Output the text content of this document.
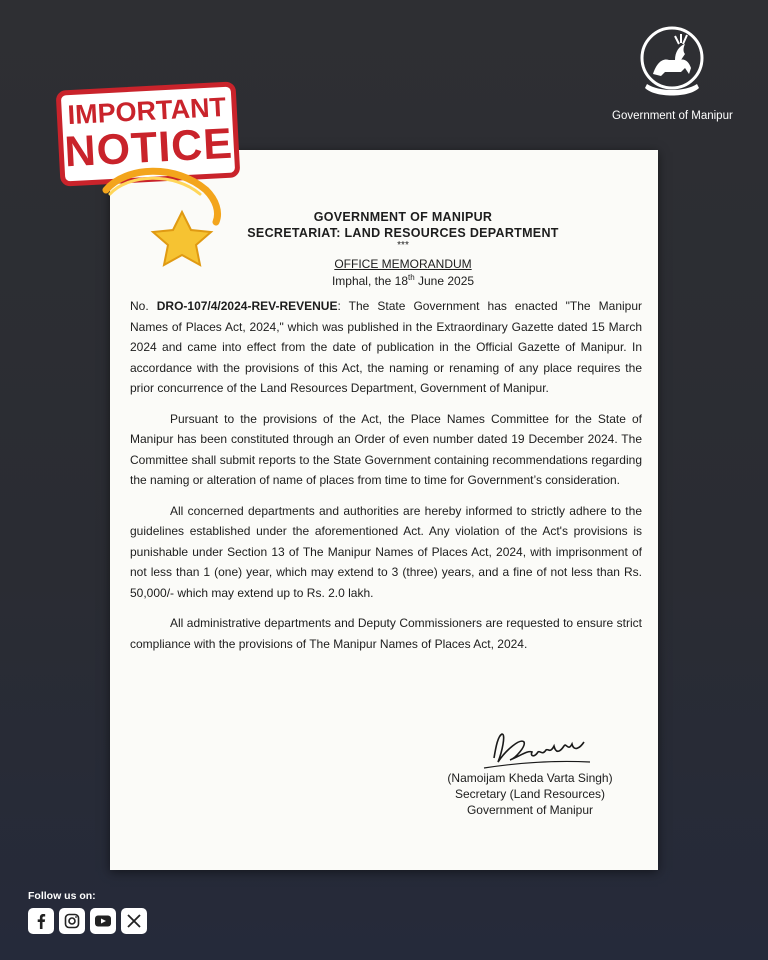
Government of Manipur
GOVERNMENT OF MANIPUR
SECRETARIAT: LAND RESOURCES DEPARTMENT
***
OFFICE MEMORANDUM
Imphal, the 18th June 2025

No. DRO-107/4/2024-REV-REVENUE: The State Government has enacted "The Manipur Names of Places Act, 2024," which was published in the Extraordinary Gazette dated 15 March 2024 and came into effect from the date of publication in the Official Gazette of Manipur. In accordance with the provisions of this Act, the naming or renaming of any place requires the prior concurrence of the Land Resources Department, Government of Manipur.

Pursuant to the provisions of the Act, the Place Names Committee for the State of Manipur has been constituted through an Order of even number dated 19 December 2024. The Committee shall submit reports to the State Government containing recommendations regarding the naming or alteration of name of places from time to time for Government’s consideration.

All concerned departments and authorities are hereby informed to strictly adhere to the guidelines established under the aforementioned Act. Any violation of the Act's provisions is punishable under Section 13 of The Manipur Names of Places Act, 2024, with imprisonment of not less than 1 (one) year, which may extend to 3 (three) years, and a fine of not less than Rs. 50,000/- which may extend up to Rs. 2.0 lakh.

All administrative departments and Deputy Commissioners are requested to ensure strict compliance with the provisions of The Manipur Names of Places Act, 2024.

(Namoijam Kheda Varta Singh)
Secretary (Land Resources)
Government of Manipur
IMPORTANT
NOTICE
Follow us on:
